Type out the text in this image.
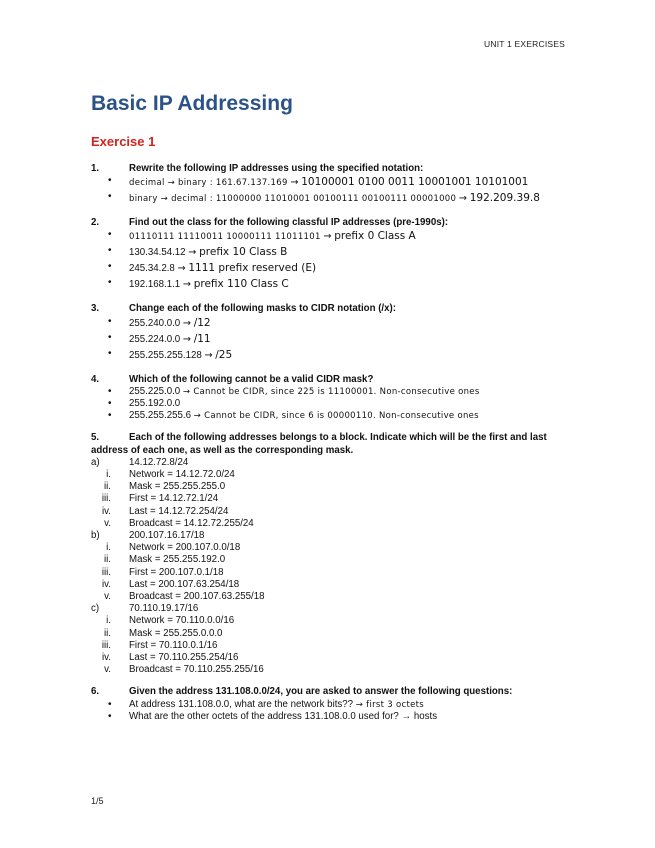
UNIT 1 EXERCISES
Basic IP Addressing
Exercise 1
1.	Rewrite the following IP addresses using the specified notation:
• decimal → binary : 161.67.137.169 → 10100001 0100 0011 10001001 10101001
• binary → decimal : 11000000 11010001 00100111 00100111 00001000 → 192.209.39.8
2.	Find out the class for the following classful IP addresses (pre-1990s):
• 01110111 11110011 10000111 11011101 → prefix 0 Class A
• 130.34.54.12 → prefix 10 Class B
• 245.34.2.8 → 1111 prefix reserved (E)
• 192.168.1.1 → prefix 110 Class C
3.	Change each of the following masks to CIDR notation (/x):
• 255.240.0.0 → /12
• 255.224.0.0 → /11
• 255.255.255.128 → /25
4.	Which of the following cannot be a valid CIDR mask?
• 255.225.0.0 → Cannot be CIDR, since 225 is 11100001. Non-consecutive ones
• 255.192.0.0
• 255.255.255.6 → Cannot be CIDR, since 6 is 00000110. Non-consecutive ones
5.	Each of the following addresses belongs to a block. Indicate which will be the first and last address of each one, as well as the corresponding mask.
a)	14.12.72.8/24
i.	Network = 14.12.72.0/24
ii.	Mask = 255.255.255.0
iii.	First = 14.12.72.1/24
iv.	Last = 14.12.72.254/24
v.	Broadcast = 14.12.72.255/24
b)	200.107.16.17/18
i.	Network = 200.107.0.0/18
ii.	Mask = 255.255.192.0
iii.	First = 200.107.0.1/18
iv.	Last = 200.107.63.254/18
v.	Broadcast = 200.107.63.255/18
c)	70.110.19.17/16
i.	Network = 70.110.0.0/16
ii.	Mask = 255.255.0.0.0
iii.	First = 70.110.0.1/16
iv.	Last = 70.110.255.254/16
v.	Broadcast = 70.110.255.255/16
6.	Given the address 131.108.0.0/24, you are asked to answer the following questions:
• At address 131.108.0.0, what are the network bits?? → first 3 octets
• What are the other octets of the address 131.108.0.0 used for? → hosts
1/5
